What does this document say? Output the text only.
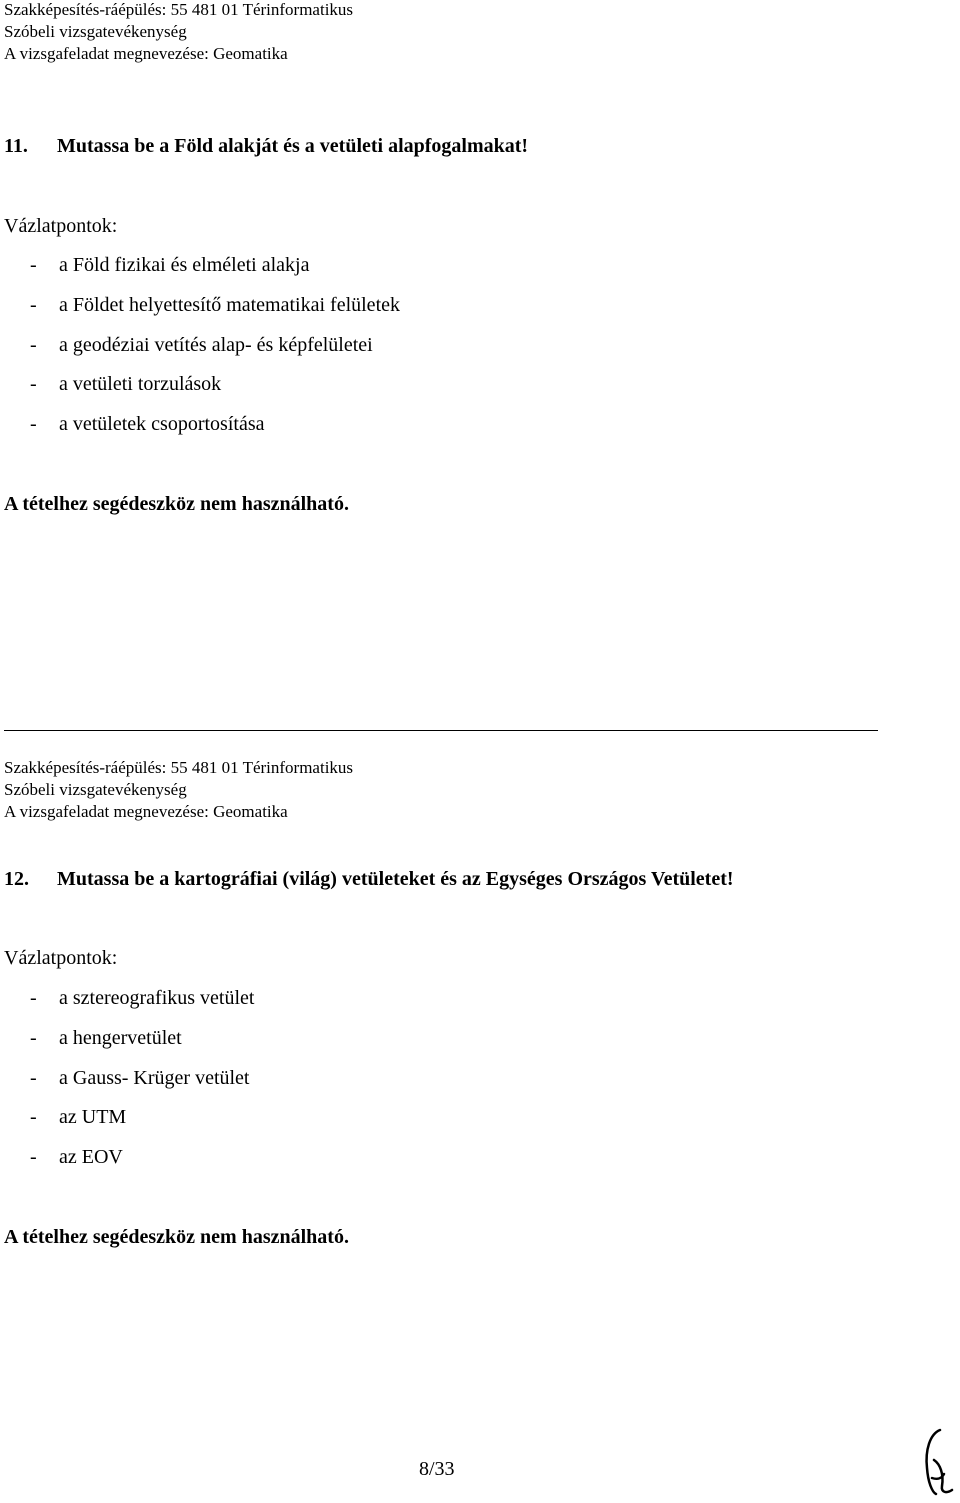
Szakképesítés-ráépülés: 55 481 01 Térinformatikus
Szóbeli vizsgatevékenység
A vizsgafeladat megnevezése: Geomatika
11. Mutassa be a Föld alakját és a vetületi alapfogalmakat!
Vázlatpontok:
- a Föld fizikai és elméleti alakja
- a Földet helyettesítő matematikai felületek
- a geodéziai vetítés alap- és képfelületei
- a vetületi torzulások
- a vetületek csoportosítása
A tételhez segédeszköz nem használható.
Szakképesítés-ráépülés: 55 481 01 Térinformatikus
Szóbeli vizsgatevékenység
A vizsgafeladat megnevezése: Geomatika
12. Mutassa be a kartográfiai (világ) vetületeket és az Egységes Országos Vetületet!
Vázlatpontok:
- a sztereografikus vetület
- a hengervetület
- a Gauss- Krüger vetület
- az UTM
- az EOV
A tételhez segédeszköz nem használható.
8/33
